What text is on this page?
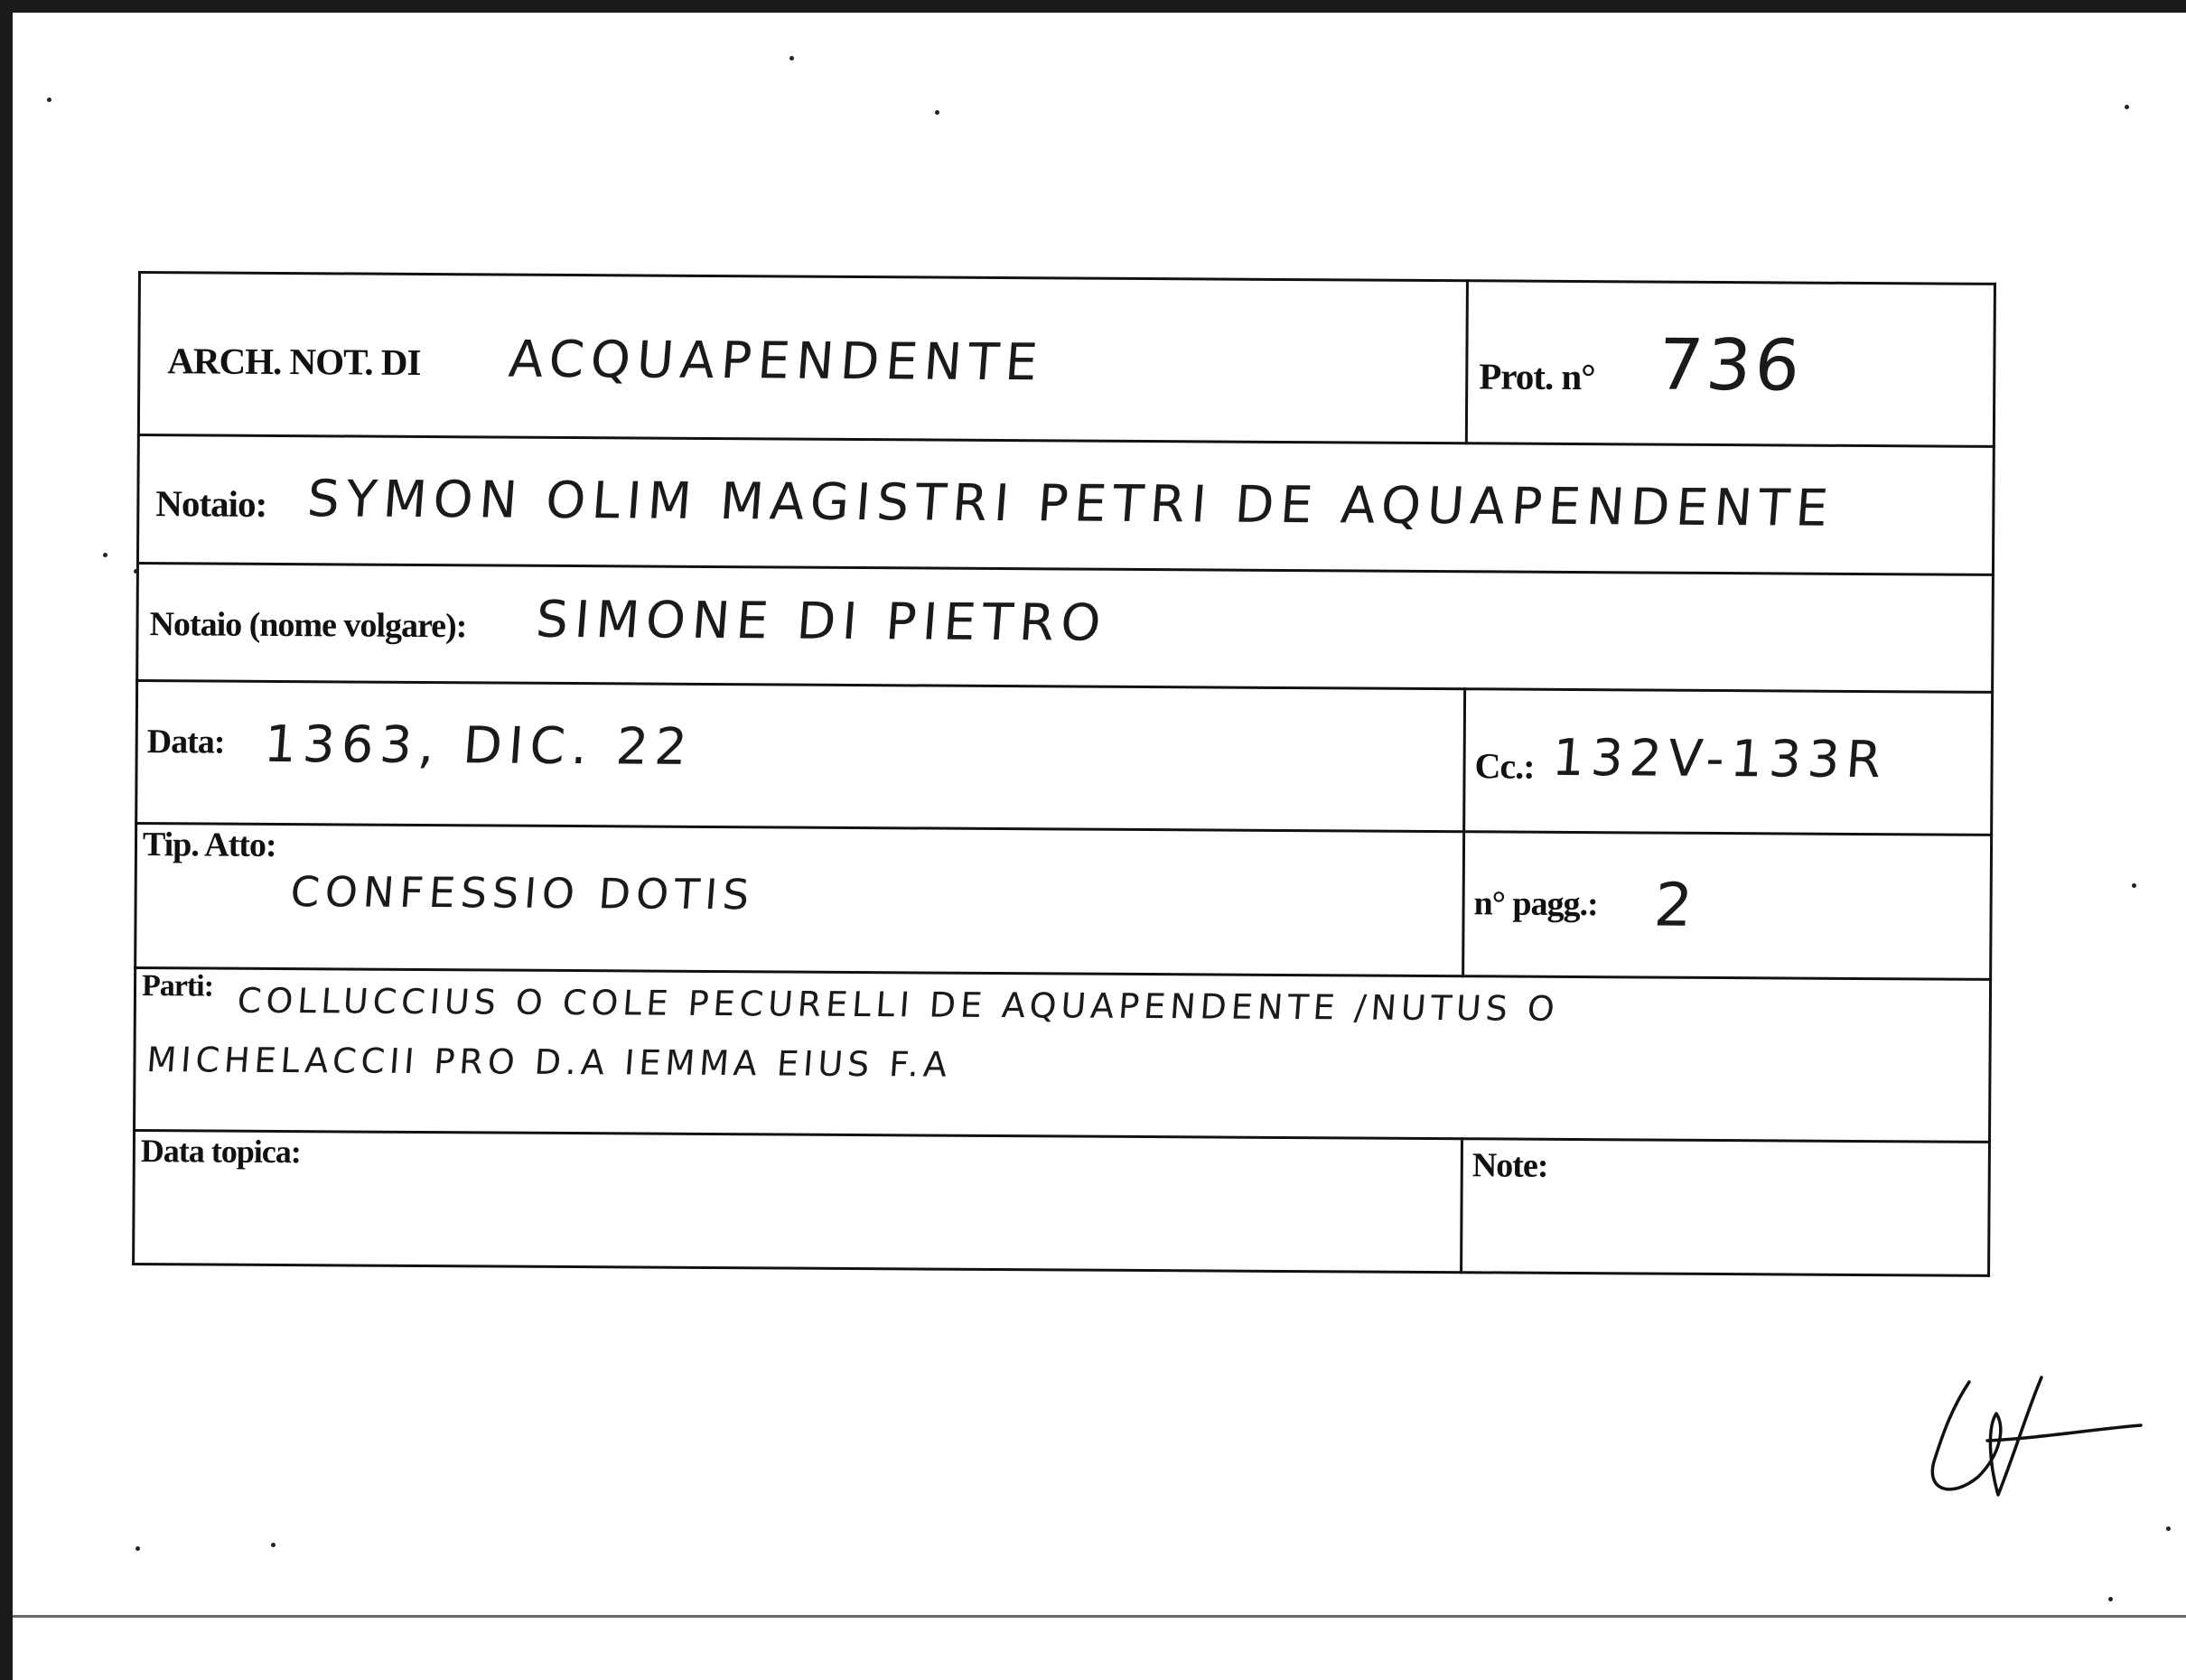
ARCH. NOT. DI ACQUAPENDENTE	Prot. n° 736

Notaio: SYMON OLIM MAGISTRI PETRI DE AQUAPENDENTE	

Notaio (nome volgare): SIMONE DI PIETRO	

Data: 1363, DIC. 22	Cc.: 132V-133R

Tip. Atto:
CONFESSIO DOTIS	n° pagg.: 2

Parti: COLLUCCIUS O COLE PECURELLI DE AQUAPENDENTE /NUTUS O
MICHELACCII PRO D.A IEMMA EIUS F.A	

Data topica:	Note:
